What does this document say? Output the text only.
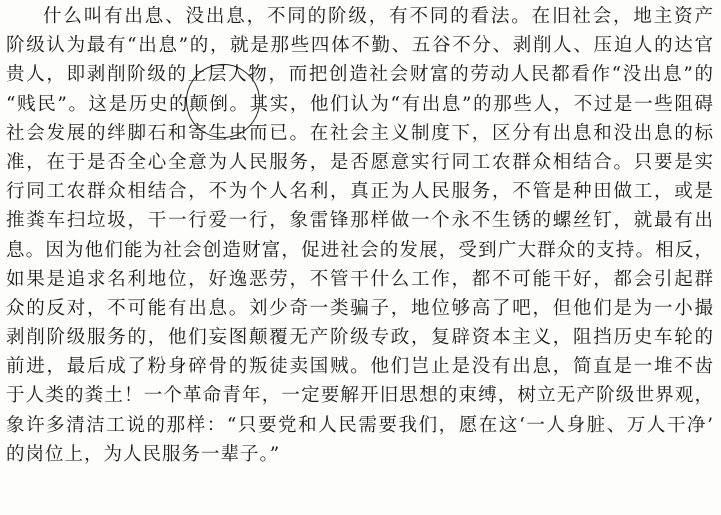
什么叫有出息、没出息，不同的阶级，有不同的看法。在旧社会，地主资产
阶级认为最有“出息”的，就是那些四体不勤、五谷不分、剥削人、压迫人的达官
贵人，即剥削阶级的上层人物，而把创造社会财富的劳动人民都看作“没出息”的
“贱民”。这是历史的颠倒。其实，他们认为“有出息”的那些人，不过是一些阻碍
社会发展的绊脚石和寄生虫而已。在社会主义制度下，区分有出息和没出息的标
准，在于是否全心全意为人民服务，是否愿意实行同工农群众相结合。只要是实
行同工农群众相结合，不为个人名利，真正为人民服务，不管是种田做工，或是
推粪车扫垃圾，干一行爱一行，象雷锋那样做一个永不生锈的螺丝钉，就最有出
息。因为他们能为社会创造财富，促进社会的发展，受到广大群众的支持。相反，
如果是追求名利地位，好逸恶劳，不管干什么工作，都不可能干好，都会引起群
众的反对，不可能有出息。刘少奇一类骗子，地位够高了吧，但他们是为一小撮
剥削阶级服务的，他们妄图颠覆无产阶级专政，复辟资本主义，阻挡历史车轮的
前进，最后成了粉身碎骨的叛徒卖国贼。他们岂止是没有出息，简直是一堆不齿
于人类的粪土！一个革命青年，一定要解开旧思想的束缚，树立无产阶级世界观，
象许多清洁工说的那样：“只要党和人民需要我们，愿在这‘一人身脏、万人干净’
的岗位上，为人民服务一辈子。”
